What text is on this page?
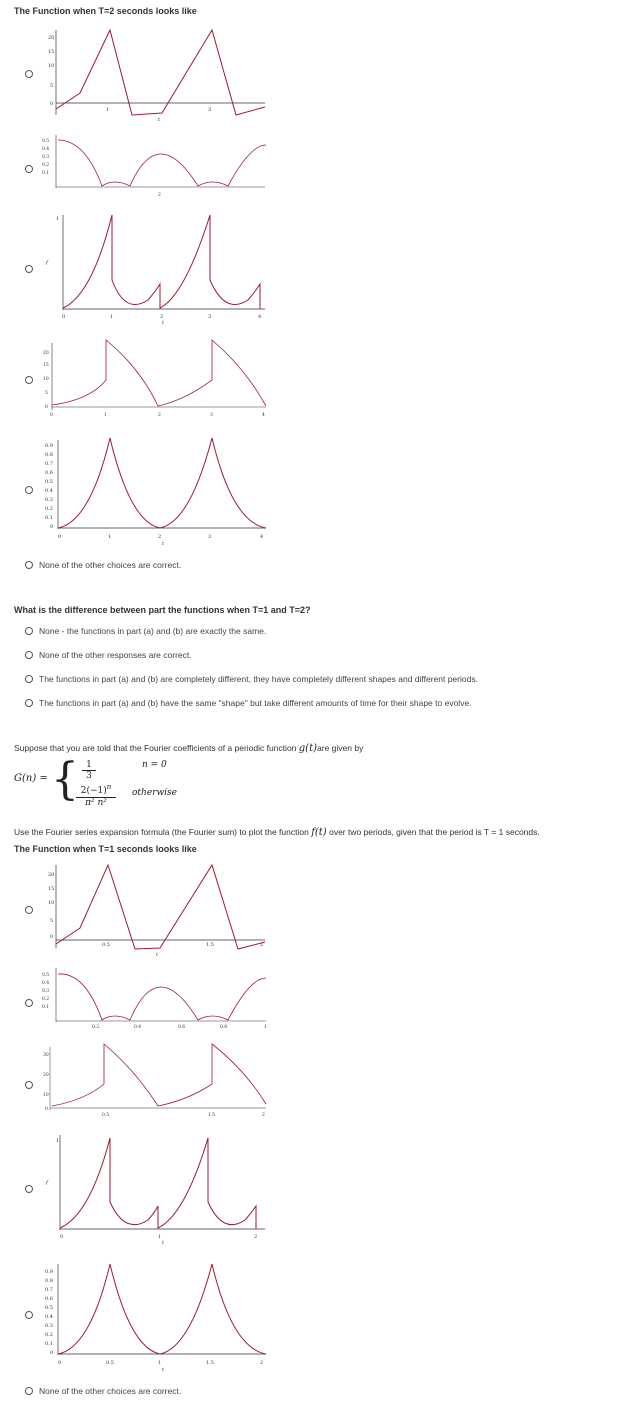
The Function when T=2 seconds looks like
20
15
10
5
0
1	3
t
0.5
0.4
0.3
0.2
0.1
2
1
f
0	1	2	3	4
t
20
15
10
5
0
0	1	2	3	4
0.9
0.8
0.7
0.6
0.5
0.4
0.3
0.2
0.1
0
0	1	2	3	4
t
None of the other choices are correct.
What is the difference between part the functions when T=1 and T=2?
None - the functions in part (a) and (b) are exactly the same.
None of the other responses are correct.
The functions in part (a) and (b) are completely different, they have completely different shapes and different periods.
The functions in part (a) and (b) have the same "shape" but take different amounts of time for their shape to evolve.
Suppose that you are told that the Fourier coefficients of a periodic function g(t)are given by
G(n) = { 1
3
n = 0
$2(-1)^n$
π² n²
otherwise
Use the Fourier series expansion formula (the Fourier sum) to plot the function f(t) over two periods, given that the period is T = 1 seconds.
The Function when T=1 seconds looks like
20
15
10
5
0
0.5	1.5	2
t
0.5
0.4
0.3
0.2
0.1
0.2	0.4	0.6	0.8	1
30
20
10
0
0.5	1.5	2
1
f
0	1	2
t
0.9
0.8
0.7
0.6
0.5
0.4
0.3
0.2
0.1
0
0	0.5	1	1.5	2
t
None of the other choices are correct.
